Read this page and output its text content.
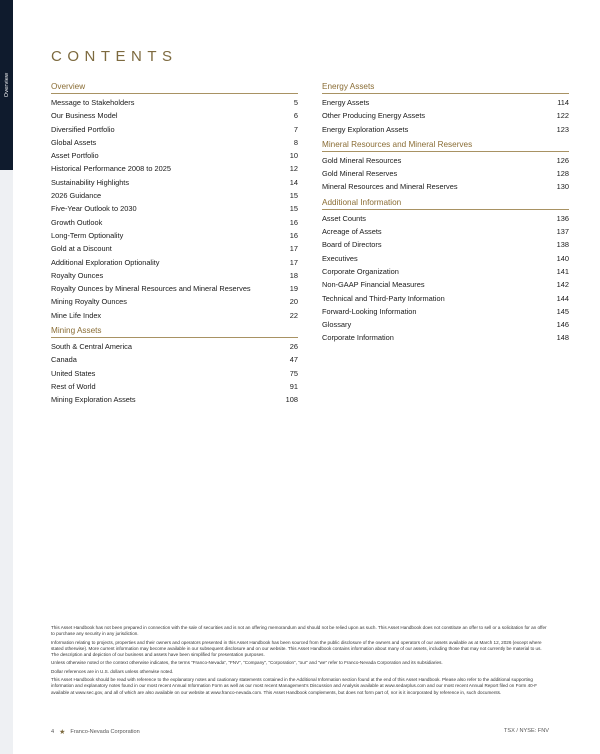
Overview
CONTENTS
Overview
Message to Stakeholders	5
Our Business Model	6
Diversified Portfolio	7
Global Assets	8
Asset Portfolio	10
Historical Performance 2008 to 2025	12
Sustainability Highlights	14
2026 Guidance	15
Five-Year Outlook to 2030	15
Growth Outlook	16
Long-Term Optionality	16
Gold at a Discount	17
Additional Exploration Optionality	17
Royalty Ounces	18
Royalty Ounces by Mineral Resources and Mineral Reserves	19
Mining Royalty Ounces	20
Mine Life Index	22
Mining Assets
South & Central America	26
Canada	47
United States	75
Rest of World	91
Mining Exploration Assets	108
Energy Assets
Energy Assets	114
Other Producing Energy Assets	122
Energy Exploration Assets	123
Mineral Resources and Mineral Reserves
Gold Mineral Resources	126
Gold Mineral Reserves	128
Mineral Resources and Mineral Reserves	130
Additional Information
Asset Counts	136
Acreage of Assets	137
Board of Directors	138
Executives	140
Corporate Organization	141
Non-GAAP Financial Measures	142
Technical and Third-Party Information	144
Forward-Looking Information	145
Glossary	146
Corporate Information	148

This Asset Handbook has not been prepared in connection with the sale of securities and is not an offering memorandum and should not be relied upon as such. This Asset Handbook does not constitute an offer to sell or a solicitation for an offer to purchase any security in any jurisdiction.

Information relating to projects, properties and their owners and operators presented in this Asset Handbook has been sourced from the public disclosure of the owners and operators of our assets available as at March 12, 2026 (except where stated otherwise). More current information may become available in our subsequent disclosure and on our website. This Asset Handbook contains information about many of our assets, including those that may not currently be material to us. The description and depiction of our business and assets have been simplified for presentation purposes.

Unless otherwise noted or the context otherwise indicates, the terms “Franco-Nevada”, “FNV”, “Company”, “Corporation”, “our” and “we” refer to Franco-Nevada Corporation and its subsidiaries.

Dollar references are in U.S. dollars unless otherwise noted.

This Asset Handbook should be read with reference to the explanatory notes and cautionary statements contained in the Additional Information section found at the end of this Asset Handbook. Please also refer to the additional supporting information and explanatory notes found in our most recent Annual Information Form as well as our most recent Management’s Discussion and Analysis available at www.sedarplus.com and our most recent Annual Report filed on Form 40-F available at www.sec.gov, and all of which are also available on our website at www.franco-nevada.com. This Asset Handbook complements, but does not form part of, nor is it incorporated by reference in, such documents.

4 ★ Franco-Nevada Corporation	TSX / NYSE: FNV
